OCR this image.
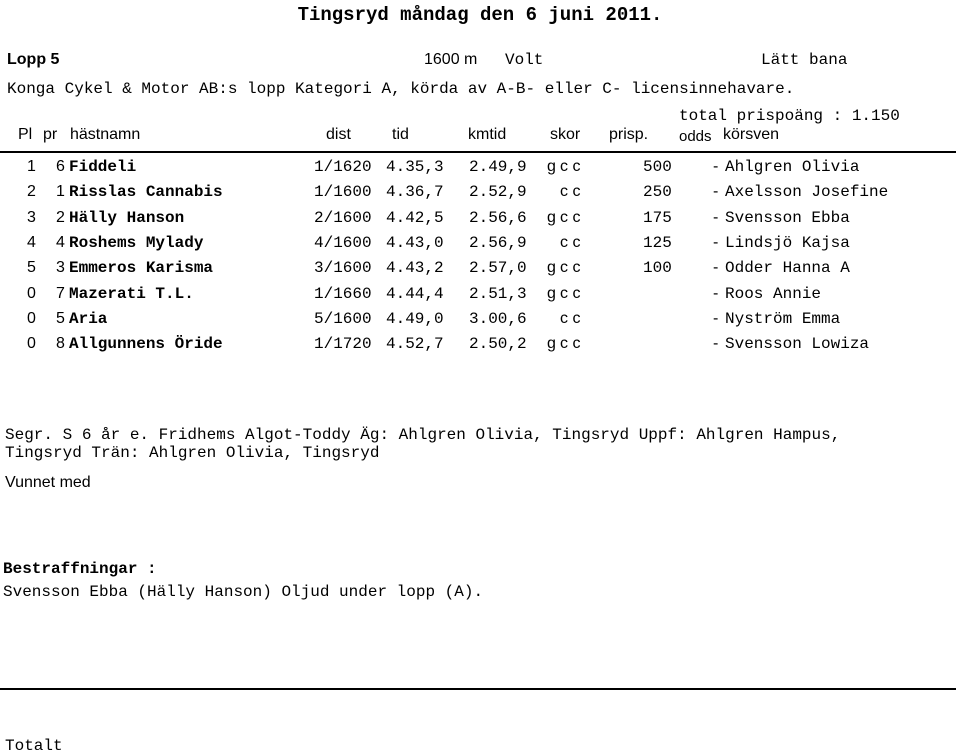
Tingsryd måndag den 6 juni 2011.
Lopp 5	1600 m Volt	Lätt bana
Konga Cykel & Motor AB:s lopp Kategori A, körda av A-B- eller C- licensinnehavare.
total prispoäng : 1.150
Pl pr hästnamn	dist	tid	kmtid	skor prisp. odds körsven
1 6 Fiddeli	1/1620 4.35,3 2.49,9 g c c	500	- Ahlgren Olivia
2 1 Risslas Cannabis	1/1600 4.36,7 2.52,9 c c	250	- Axelsson Josefine
3 2 Hälly Hanson	2/1600 4.42,5 2.56,6 g c c	175	- Svensson Ebba
4 4 Roshems Mylady	4/1600 4.43,0 2.56,9 c c	125	- Lindsjö Kajsa
5 3 Emmeros Karisma	3/1600 4.43,2 2.57,0 g c c	100	- Odder Hanna A
0 7 Mazerati T.L.	1/1660 4.44,4 2.51,3 g c c	- Roos Annie
0 5 Aria	5/1600 4.49,0 3.00,6 c c	- Nyström Emma
0 8 Allgunnens Öride	1/1720 4.52,7 2.50,2 g c c	- Svensson Lowiza
Segr. S 6 år e. Fridhems Algot-Toddy Äg: Ahlgren Olivia, Tingsryd Uppf: Ahlgren Hampus,
Tingsryd Trän: Ahlgren Olivia, Tingsryd
Vunnet med
Bestraffningar :
Svensson Ebba (Hälly Hanson) Oljud under lopp (A).
Totalt
